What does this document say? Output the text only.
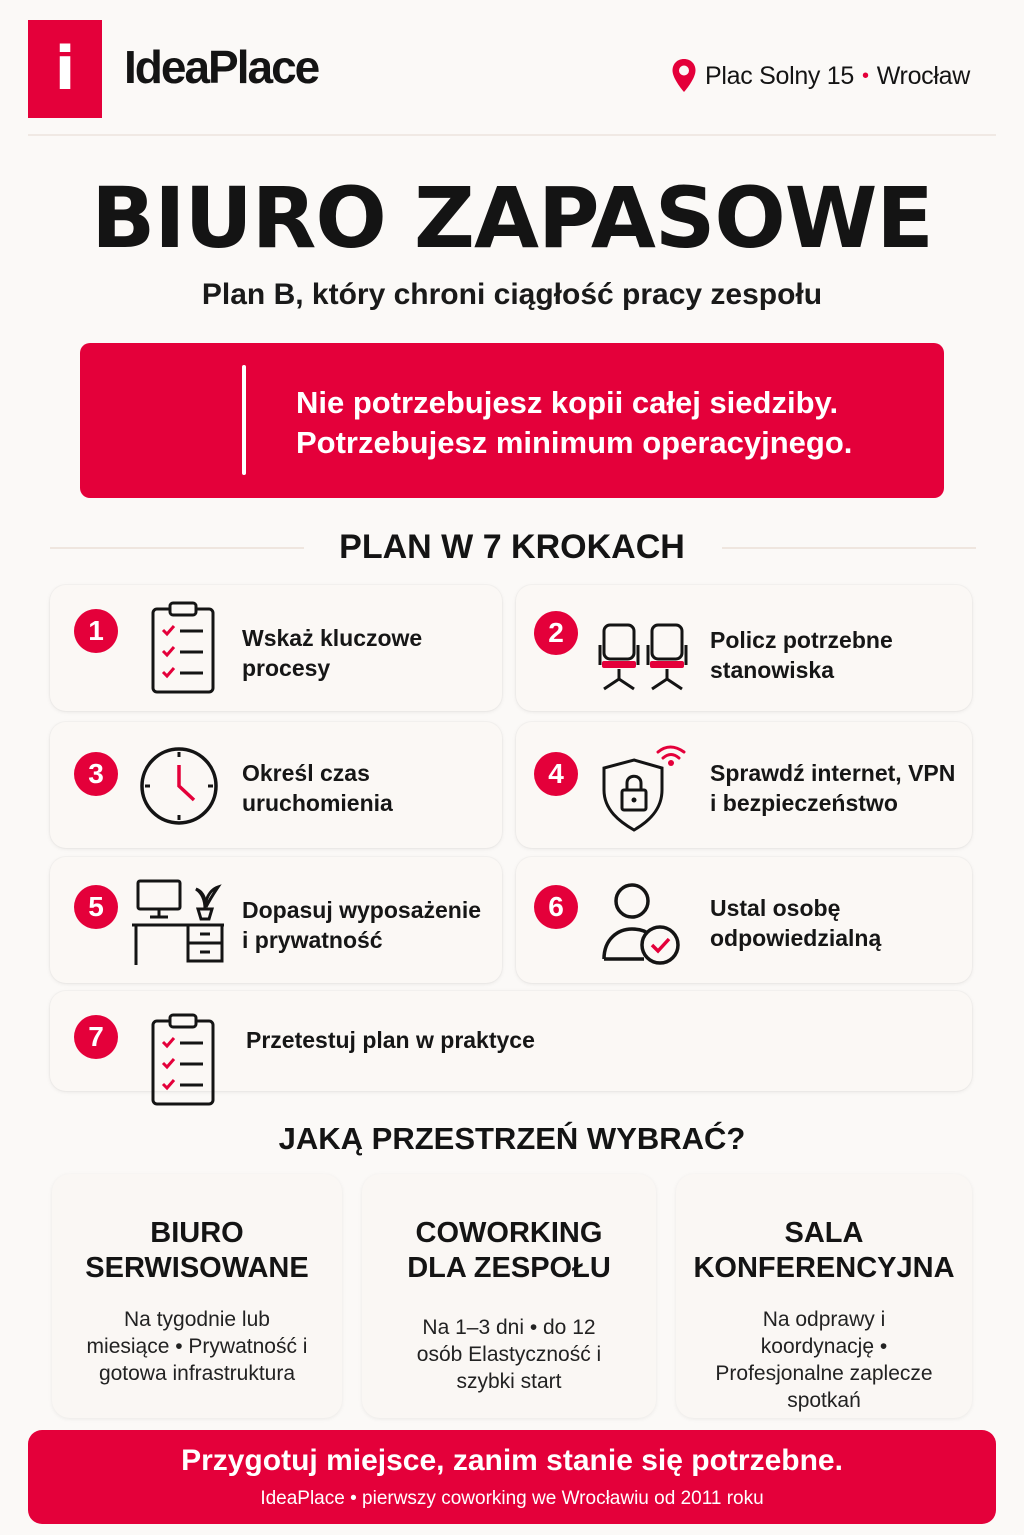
i IdeaPlace	Plac Solny 15 • Wrocław
BIURO ZAPASOWE
Plan B, który chroni ciągłość pracy zespołu
Nie potrzebujesz kopii całej siedziby.
Potrzebujesz minimum operacyjnego.
PLAN W 7 KROKACH
1	Wskaż kluczowe
procesy
2	Policz potrzebne
stanowiska
3	Określ czas
uruchomienia
4	Sprawdź internet, VPN
i bezpieczeństwo
5	Dopasuj wyposażenie
i prywatność
6	Ustal osobę
odpowiedzialną
7	Przetestuj plan w praktyce
JAKĄ PRZESTRZEŃ WYBRAĆ?
BIURO
SERWISOWANE
Na tygodnie lub
miesiące • Prywatność i
gotowa infrastruktura
COWORKING
DLA ZESPOŁU
Na 1–3 dni • do 12
osób Elastyczność i
szybki start
SALA
KONFERENCYJNA
Na odprawy i
koordynację •
Profesjonalne zaplecze
spotkań
Przygotuj miejsce, zanim stanie się potrzebne.
IdeaPlace • pierwszy coworking we Wrocławiu od 2011 roku
